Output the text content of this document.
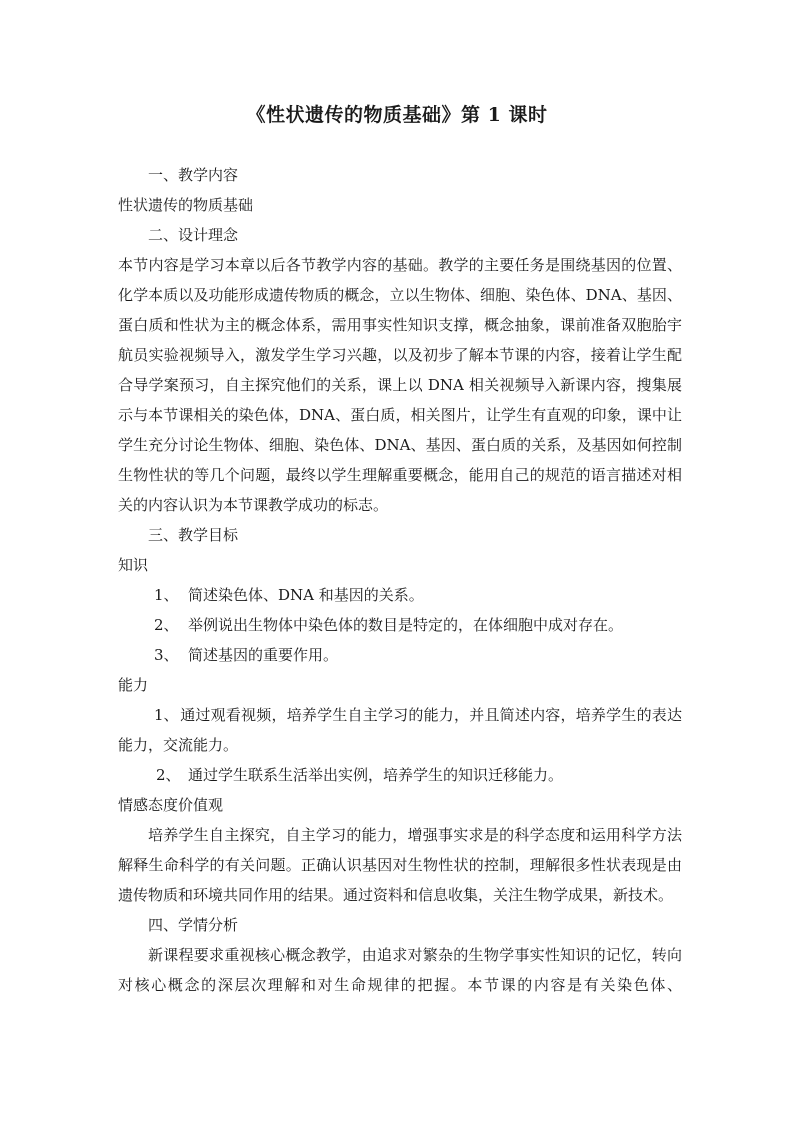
《性状遗传的物质基础》第 1 课时

一、教学内容

性状遗传的物质基础

二、设计理念

本节内容是学习本章以后各节教学内容的基础。教学的主要任务是围绕基因的位置、化学本质以及功能形成遗传物质的概念，立以生物体、细胞、染色体、DNA、基因、蛋白质和性状为主的概念体系，需用事实性知识支撑，概念抽象，课前准备双胞胎宇航员实验视频导入，激发学生学习兴趣，以及初步了解本节课的内容，接着让学生配合导学案预习，自主探究他们的关系，课上以 DNA 相关视频导入新课内容，搜集展示与本节课相关的染色体，DNA、蛋白质，相关图片，让学生有直观的印象，课中让学生充分讨论生物体、细胞、染色体、DNA、基因、蛋白质的关系，及基因如何控制生物性状的等几个问题，最终以学生理解重要概念，能用自己的规范的语言描述对相关的内容认识为本节课教学成功的标志。

三、教学目标

知识

1、 简述染色体、DNA 和基因的关系。

2、 举例说出生物体中染色体的数目是特定的，在体细胞中成对存在。

3、 简述基因的重要作用。

能力

1、通过观看视频，培养学生自主学习的能力，并且简述内容，培养学生的表达能力，交流能力。

2、 通过学生联系生活举出实例，培养学生的知识迁移能力。

情感态度价值观

培养学生自主探究，自主学习的能力，增强事实求是的科学态度和运用科学方法解释生命科学的有关问题。正确认识基因对生物性状的控制，理解很多性状表现是由遗传物质和环境共同作用的结果。通过资料和信息收集，关注生物学成果，新技术。

四、学情分析

新课程要求重视核心概念教学，由追求对繁杂的生物学事实性知识的记忆，转向对核心概念的深层次理解和对生命规律的把握。本节课的内容是有关染色体、
